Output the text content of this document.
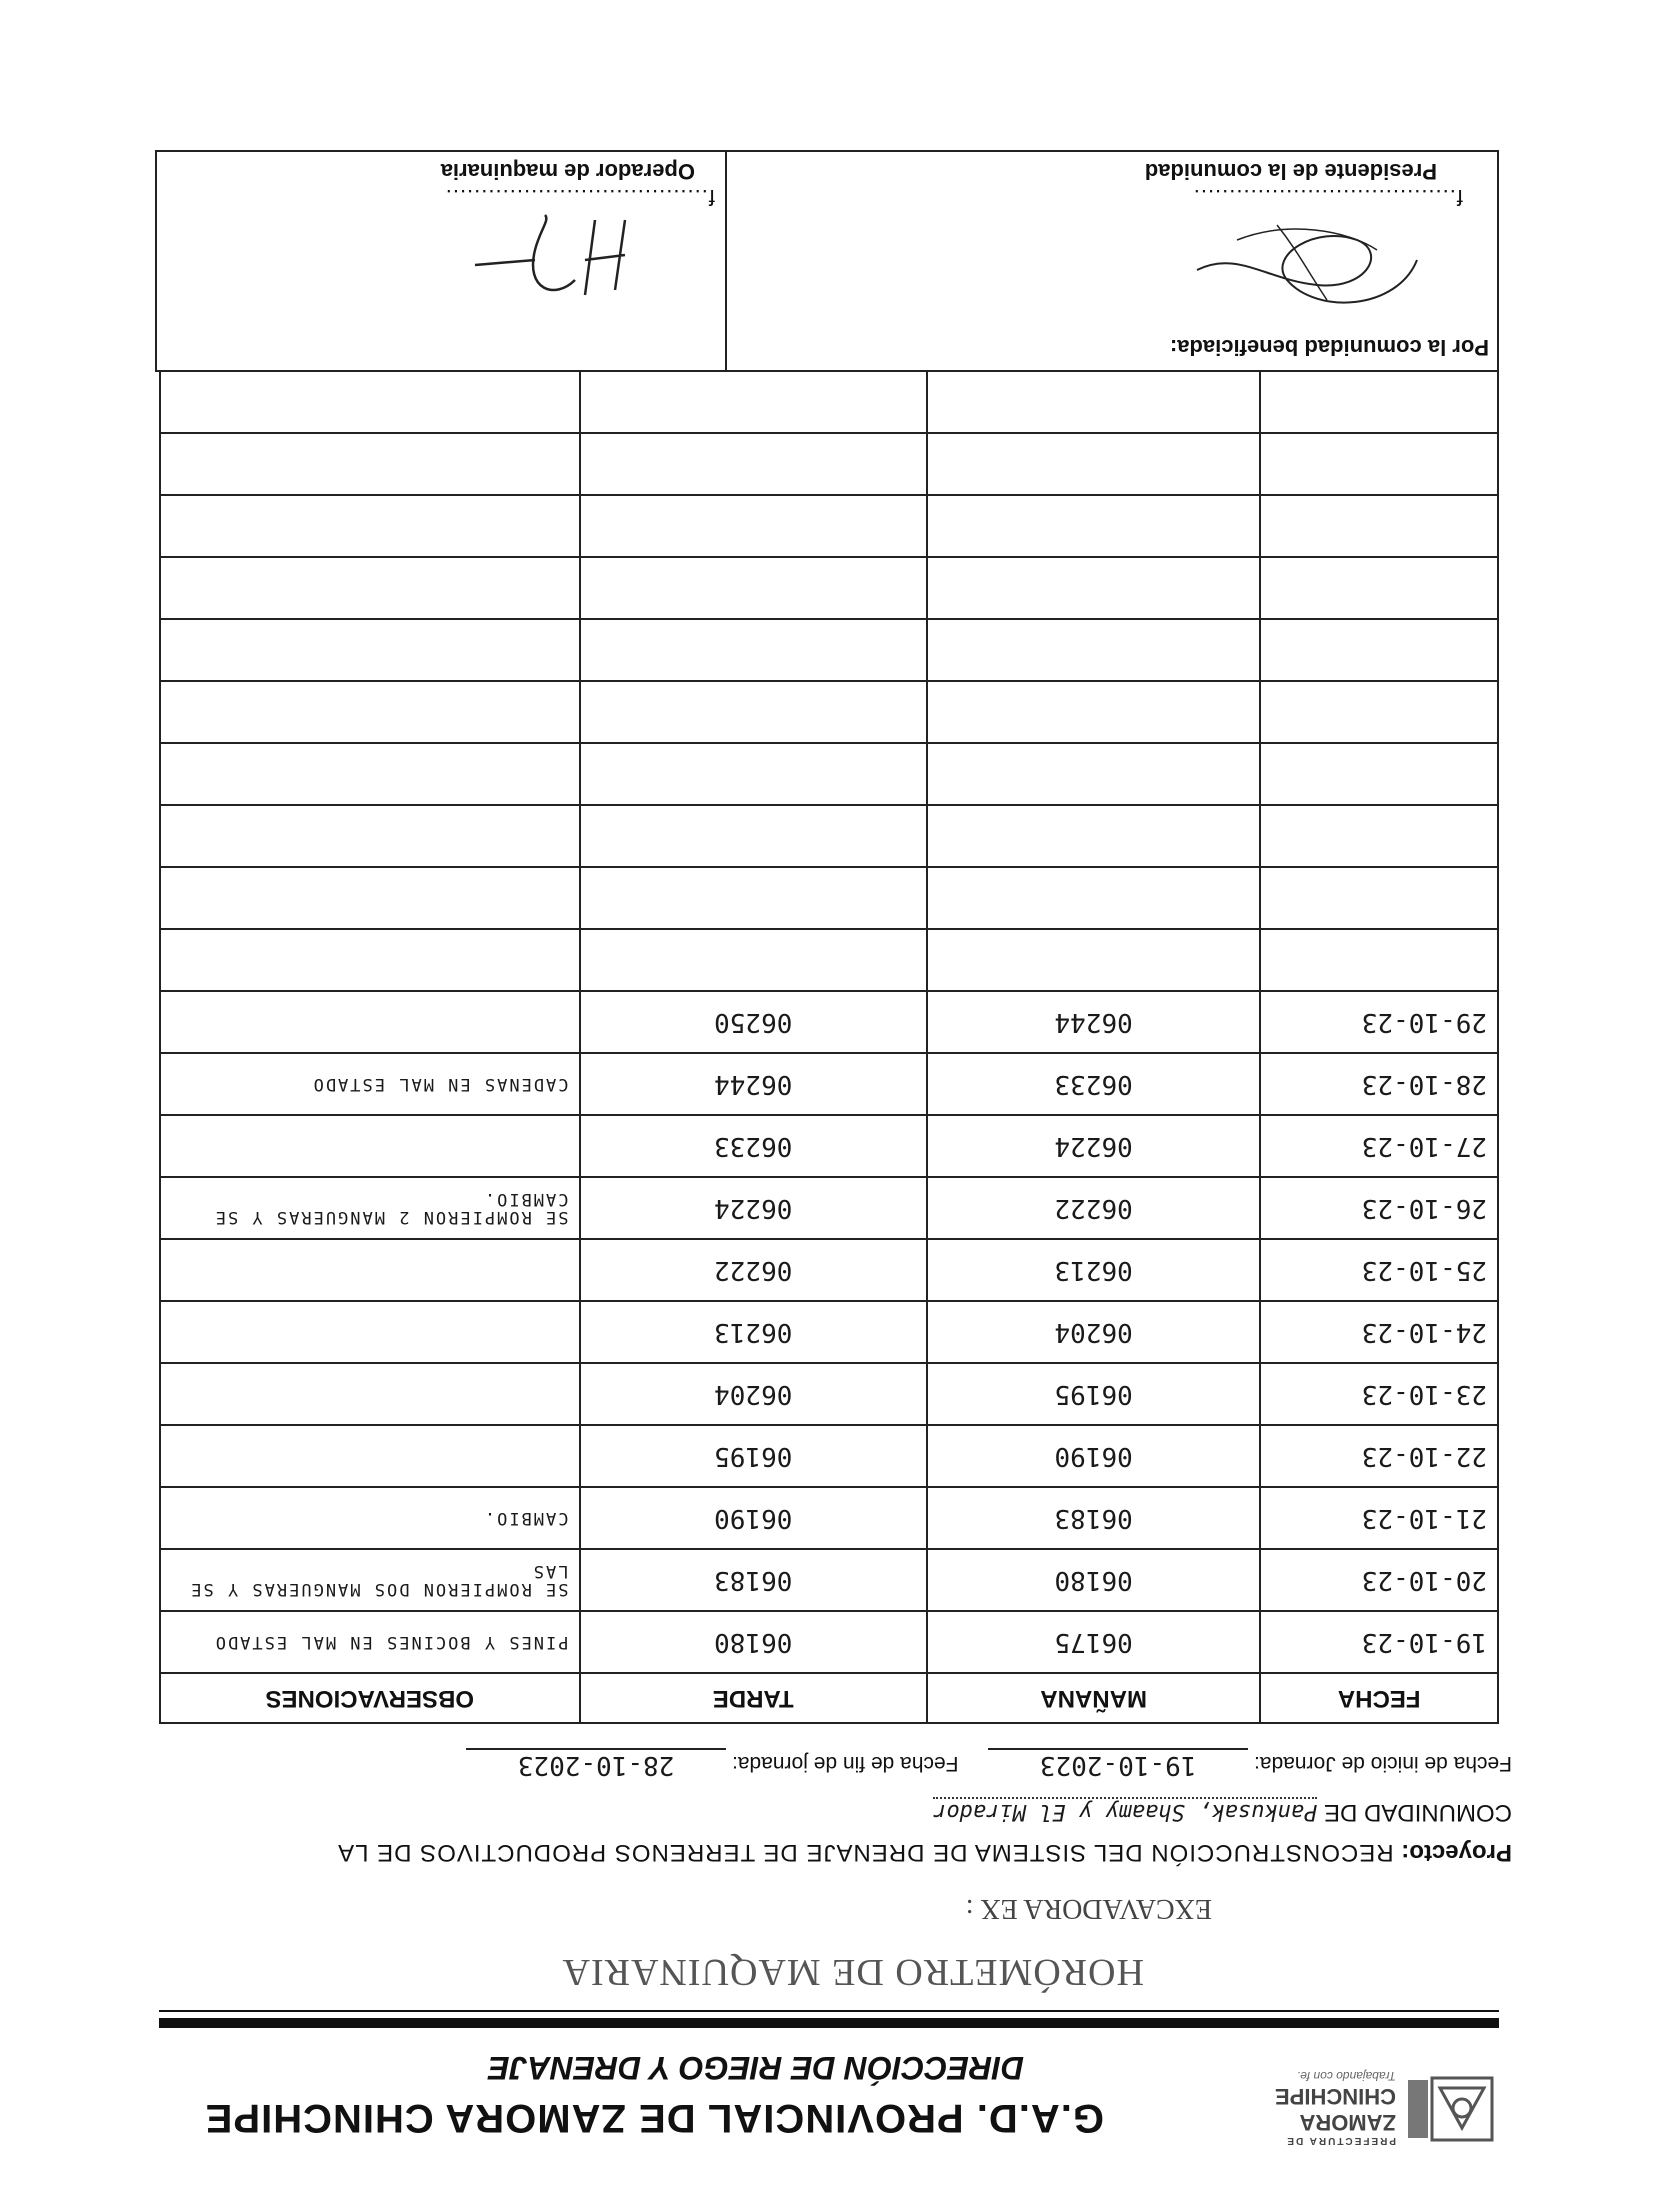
PREFECTURA DE
ZAMORA
CHINCHIPE
Trabajando con fe.
G.A.D. PROVINCIAL DE ZAMORA CHINCHIPE
DIRECCIÓN DE RIEGO Y DRENAJE
HORÓMETRO DE MAQUINARIA
EXCAVADORA EX :
Proyecto: RECONSTRUCCIÓN DEL SISTEMA DE DRENAJE DE TERRENOS PRODUCTIVOS DE LA
COMUNIDAD DE Pankusak, Shaamy y El Mirador
Fecha de inicio de Jornada: 19-10-2023  Fecha de fin de jornada: 28-10-2023
FECHA	MAÑANA	TARDE	OBSERVACIONES
19-10-23	06175	06180	PINES Y BOCINES EN MAL ESTADO
20-10-23	06180	06183	SE ROMPIERON DOS MANGUERAS Y SE LAS
21-10-23	06183	06190	CAMBIO.
22-10-23	06190	06195	
23-10-23	06195	06204	
24-10-23	06204	06213	
25-10-23	06213	06222	
26-10-23	06222	06224	SE ROMPIERON 2 MANGUERAS Y SE CAMBIO.
27-10-23	06224	06233	
28-10-23	06233	06244	CADENAS EN MAL ESTADO
29-10-23	06244	06250	

Por la comunidad beneficiada:
f.....................................
Presidente de la comunidad
f.....................................
Operador de maquinaria
